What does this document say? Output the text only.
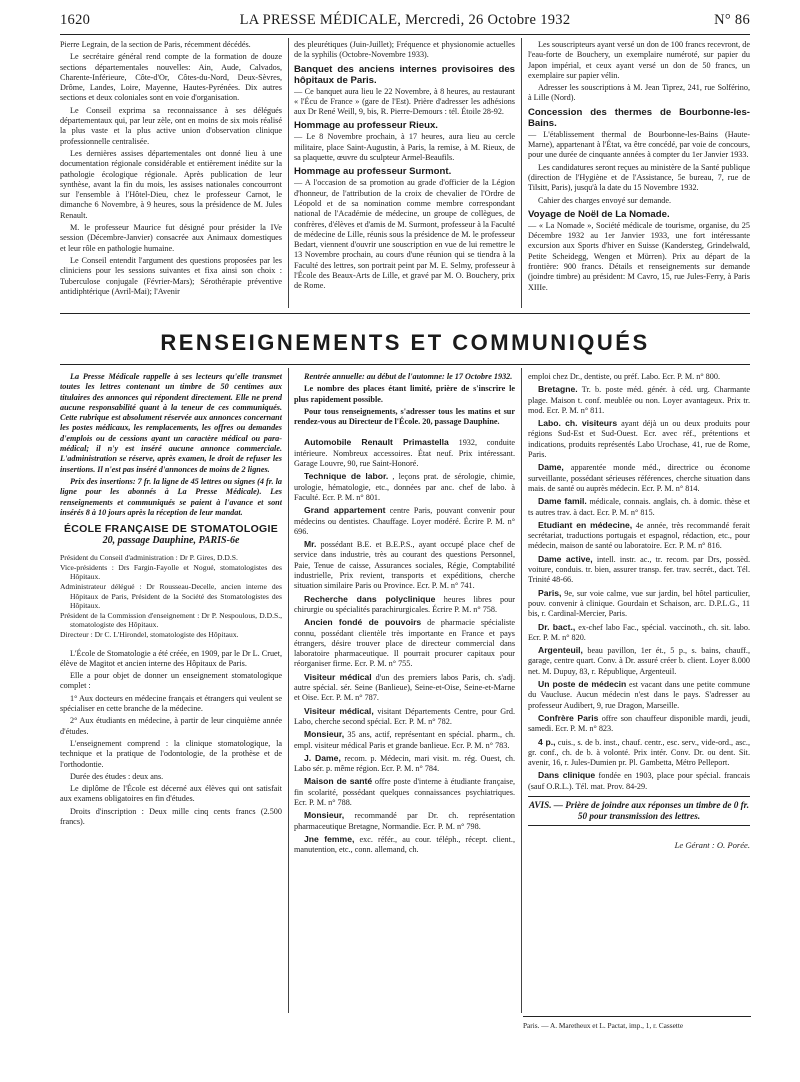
1620	LA PRESSE MÉDICALE, Mercredi, 26 Octobre 1932	N° 86

Pierre Legrain, de la section de Paris, récemment décédés.

Le secrétaire général rend compte de la formation de douze sections départementales nouvelles: Ain, Aude, Calvados, Charente-Inférieure, Côte-d'Or, Côtes-du-Nord, Deux-Sèvres, Drôme, Landes, Loire, Mayenne, Hautes-Pyrénées. Dix autres sections et deux coloniales sont en voie d'organisation.

Le Conseil exprima sa reconnaissance à ses délégués départementaux qui, par leur zèle, ont en moins de six mois réalisé la plus vaste et la plus active union d'observation clinique professionnelle centralisée.

Les dernières assises départementales ont donné lieu à une documentation régionale considérable et entièrement inédite sur la pathologie écologique régionale. Après publication de leur synthèse, avant la fin du mois, les assises nationales concourront sur l'ensemble à l'Hôtel-Dieu, chez le professeur Carnot, le dimanche 6 Novembre, à 9 heures, sous la présidence de M. Jules Renault.

M. le professeur Maurice fut désigné pour présider la IVe session (Décembre-Janvier) consacrée aux Animaux domestiques et leur rôle en pathologie humaine.

Le Conseil entendit l'argument des questions proposées par les cliniciens pour les sessions suivantes et fixa ainsi son choix : Tuberculose conjugale (Février-Mars); Sérothérapie préventive antidiphtérique (Avril-Mai); l'Avenir

des pleurétiques (Juin-Juillet); Fréquence et physionomie actuelles de la syphilis (Octobre-Novembre 1933).

Banquet des anciens internes provisoires des hôpitaux de Paris.

— Ce banquet aura lieu le 22 Novembre, à 8 heures, au restaurant « l'Écu de France » (gare de l'Est). Prière d'adresser les adhésions aux Dr René Weill, 9, bis, R. Pierre-Demours : tél. Étoile 28-92.

Hommage au professeur Rieux.

— Le 8 Novembre prochain, à 17 heures, aura lieu au cercle militaire, place Saint-Augustin, à Paris, la remise, à M. Rieux, de sa plaquette, œuvre du sculpteur Armel-Beaufils.

Hommage au professeur Surmont.

— A l'occasion de sa promotion au grade d'officier de la Légion d'honneur, de l'attribution de la croix de chevalier de l'Ordre de Léopold et de sa nomination comme membre correspondant national de l'Académie de médecine, un groupe de collègues, de confrères, d'élèves et d'amis de M. Surmont, professeur à la Faculté de médecine de Lille, réunis sous la présidence de M. le professeur Bedart, viennent d'ouvrir une souscription en vue de lui remettre le 13 Novembre prochain, au cours d'une réunion qui se tiendra à la Faculté des lettres, son portrait peint par M. E. Selmy, professeur à l'École des Beaux-Arts de Lille, et gravé par M. O. Bouchery, prix de Rome.

Les souscripteurs ayant versé un don de 100 francs recevront, de l'eau-forte de Bouchery, un exemplaire numéroté, sur papier du Japon impérial, et ceux ayant versé un don de 50 francs, un exemplaire sur papier vélin.

Adresser les souscriptions à M. Jean Tiprez, 241, rue Solférino, à Lille (Nord).

Concession des thermes de Bourbonne-les-Bains.

— L'établissement thermal de Bourbonne-les-Bains (Haute-Marne), appartenant à l'État, va être concédé, par voie de concours, pour une durée de cinquante années à compter du 1er Janvier 1933.

Les candidatures seront reçues au ministère de la Santé publique (direction de l'Hygiène et de l'Assistance, 5e bureau, 7, rue de Tilsitt, Paris), jusqu'à la date du 15 Novembre 1932.

Cahier des charges envoyé sur demande.

Voyage de Noël de La Nomade.

— « La Nomade », Société médicale de tourisme, organise, du 25 Décembre 1932 au 1er Janvier 1933, une fort intéressante excursion aux Sports d'hiver en Suisse (Kandersteg, Grindelwald, Petite Scheidegg, Wengen et Mürren). Prix au départ de la frontière: 900 francs. Détails et renseignements sur demande (joindre timbre) au président: M Cavro, 15, rue Jules-Ferry, à Paris XIIIe.

RENSEIGNEMENTS ET COMMUNIQUÉS

La Presse Médicale rappelle à ses lecteurs qu'elle transmet toutes les lettres contenant un timbre de 50 centimes aux titulaires des annonces qui répondent directement. Elle ne prend aucune responsabilité quant à la teneur de ces communiqués. Cette rubrique est absolument réservée aux annonces concernant les postes médicaux, les remplacements, les offres ou demandes d'emplois ou de cessions ayant un caractère médical ou para-médical; il n'y est inséré aucune annonce commerciale. L'administration se réserve, après examen, le droit de refuser les insertions. Il n'est pas inséré d'annonces de moins de 2 lignes.

Prix des insertions: 7 fr. la ligne de 45 lettres ou signes (4 fr. la ligne pour les abonnés à La Presse Médicale). Les renseignements et communiqués se paient à l'avance et sont insérés 8 à 10 jours après la réception de leur mandat.

ÉCOLE FRANÇAISE DE STOMATOLOGIE
20, passage Dauphine, PARIS-6e

Président du Conseil d'administration : Dr P. Gires, D.D.S.

Vice-présidents : Drs Fargin-Fayolle et Nogué, stomatologistes des Hôpitaux.

Administrateur délégué : Dr Rousseau-Decelle, ancien interne des Hôpitaux de Paris, Président de la Société des Stomatologistes des Hôpitaux.

Président de la Commission d'enseignement : Dr P. Nespoulous, D.D.S., stomatologiste des Hôpitaux.

Directeur : Dr C. L'Hirondel, stomatologiste des Hôpitaux.

L'École de Stomatologie a été créée, en 1909, par le Dr L. Cruet, élève de Magitot et ancien interne des Hôpitaux de Paris.

Elle a pour objet de donner un enseignement stomatologique complet :

1° Aux docteurs en médecine français et étrangers qui veulent se spécialiser en cette branche de la médecine.

2° Aux étudiants en médecine, à partir de leur cinquième année d'études.

L'enseignement comprend : la clinique stomatologique, la technique et la pratique de l'odontologie, de la prothèse et de l'orthodontie.

Durée des études : deux ans.

Le diplôme de l'École est décerné aux élèves qui ont satisfait aux examens obligatoires en fin d'études.

Droits d'inscription : Deux mille cinq cents francs (2.500 francs).

Rentrée annuelle: au début de l'automne: le 17 Octobre 1932.

Le nombre des places étant limité, prière de s'inscrire le plus rapidement possible.

Pour tous renseignements, s'adresser tous les matins et sur rendez-vous au Directeur de l'École. 20, passage Dauphine.

Automobile Renault Primastella 1932, conduite intérieure. Nombreux accessoires. État neuf. Prix intéressant. Garage Louvre, 90, rue Saint-Honoré.

Technique de labor. , leçons prat. de sérologie, chimie, urologie, hématologie, etc., données par anc. chef de labo. à Faculté. Ecr. P. M. n° 801.

Grand appartement centre Paris, pouvant convenir pour médecins ou dentistes. Chauffage. Loyer modéré. Écrire P. M. n° 696.

Mr. possédant B.E. et B.E.P.S., ayant occupé place chef de service dans industrie, très au courant des questions Personnel, Paie, Tenue de caisse, Assurances sociales, Régie, Comptabilité industrielle, Prix revient, transports et expéditions, cherche situation similaire Paris ou Province. Ecr. P. M. n° 741.

Recherche dans polyclinique heures libres pour chirurgie ou spécialités parachirurgicales. Écrire P. M. n° 758.

Ancien fondé de pouvoirs de pharmacie spécialiste connu, possédant clientèle très importante en France et pays étrangers, désire trouver place de directeur commercial dans laboratoire pharmaceutique. Il pourrait procurer capitaux pour réorganiser firme. Ecr. P. M. n° 755.

Visiteur médical d'un des premiers labos Paris, ch. s'adj. autre spécial. sér. Seine (Banlieue), Seine-et-Oise, Seine-et-Marne et Oise. Ecr. P. M. n° 787.

Visiteur médical, visitant Départements Centre, pour Grd. Labo, cherche second spécial. Ecr. P. M. n° 782.

Monsieur, 35 ans, actif, représentant en spécial. pharm., ch. empl. visiteur médical Paris et grande banlieue. Ecr. P. M. n° 783.

J. Dame, recom. p. Médecin, mari visit. m. rég. Ouest, ch. Labo sér. p. même région. Ecr. P. M. n° 784.

Maison de santé offre poste d'interne à étudiante française, fin scolarité, possédant quelques connaissances psychiatriques. Ecr. P. M. n° 788.

Monsieur, recommandé par Dr. ch. représentation pharmaceutique Bretagne, Normandie. Ecr. P. M. n° 798.

Jne femme, exc. référ., au cour. téléph., récept. client., manutention, etc., conn. allemand, ch.

emploi chez Dr., dentiste, ou préf. Labo. Ecr. P. M. n° 800.

Bretagne. Tr. b. poste méd. génér. à céd. urg. Charmante plage. Maison t. conf. meublée ou non. Loyer avantageux. Prix tr. mod. Ecr. P. M. n° 811.

Labo. ch. visiteurs ayant déjà un ou deux produits pour régions Sud-Est et Sud-Ouest. Ecr. avec réf., prétentions et indications, produits représentés Labo Urochase, 41, rue de Rome, Paris.

Dame, apparentée monde méd., directrice ou économe surveillante, possédant sérieuses références, cherche situation dans mais. de santé ou auprès médecin. Ecr. P. M. n° 814.

Dame famil. médicale, connais. anglais, ch. à domic. thèse et ts autres trav. à dact. Ecr. P. M. n° 815.

Etudiant en médecine, 4e année, très recommandé ferait secrétariat, traductions portugais et espagnol, rédaction, etc., pour médecin, maison de santé ou laboratoire. Ecr. P. M. n° 816.

Dame active, intell. instr. ac., tr. recom. par Drs, possèd. voiture, conduis. tr. bien, assurer transp. fer. trav. secrét., dact. Tél. Trinité 48-66.

Paris, 9e, sur voie calme, vue sur jardin, bel hôtel particulier, pouv. convenir à clinique. Gourdain et Schaison, arc. D.P.L.G., 11 bis, r. Cardinal-Mercier, Paris.

Dr. bact., ex-chef labo Fac., spécial. vaccinoth., ch. sit. labo. Ecr. P. M. n° 820.

Argenteuil, beau pavillon, 1er ét., 5 p., s. bains, chauff., garage, centre quart. Conv. à Dr. assuré créer b. client. Loyer 8.000 net. M. Dupuy, 83, r. République, Argenteuil.

Un poste de médecin est vacant dans une petite commune du Vaucluse. Aucun médecin n'est dans le pays. S'adresser au professeur Audibert, 9, rue Dragon, Marseille.

Confrère Paris offre son chauffeur disponible mardi, jeudi, samedi. Ecr. P. M. n° 823.

4 p., cuis., s. de b. inst., chauf. centr., esc. serv., vide-ord., asc., gr. conf., ch. de b. à volonté. Prix intér. Conv. Dr. ou dent. Sit. avenir, 16, r. Jules-Dumien pr. Pl. Gambetta, Métro Pelleport.

Dans clinique fondée en 1903, place pour spécial. francais (sauf O.R.L.). Tél. mat. Prov. 84-29.

AVIS. — Prière de joindre aux réponses un timbre de 0 fr. 50 pour transmission des lettres.
Le Gérant : O. Porée.
Paris. — A. Maretheux et L. Pactat, imp., 1, r. Cassette
